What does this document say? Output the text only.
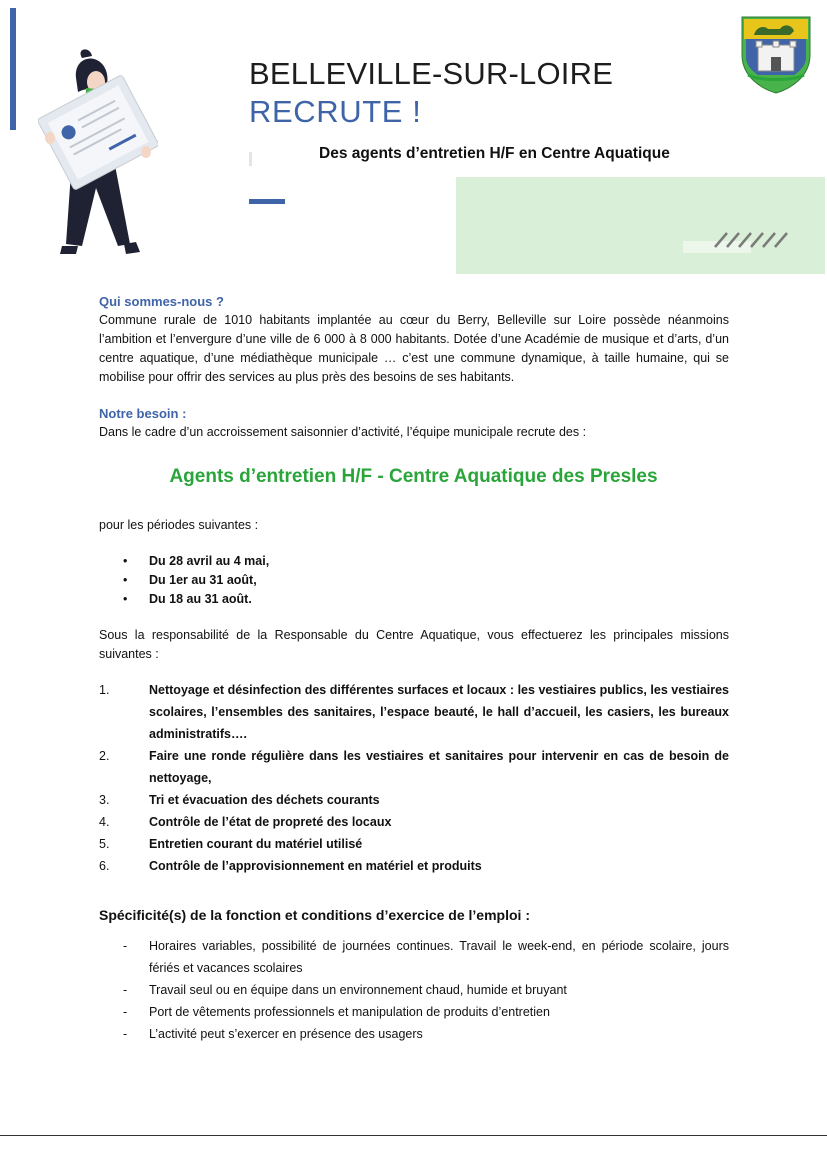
BELLEVILLE-SUR-LOIRE
RECRUTE !
Des agents d’entretien H/F en Centre Aquatique
Qui sommes-nous ?

Commune rurale de 1010 habitants implantée au cœur du Berry, Belleville sur Loire possède néanmoins l’ambition et l’envergure d’une ville de 6 000 à 8 000 habitants. Dotée d’une Académie de musique et d’arts, d’un centre aquatique, d’une médiathèque municipale … c’est une commune dynamique, à taille humaine, qui se mobilise pour offrir des services au plus près des besoins de ses habitants.

Notre besoin :

Dans le cadre d’un accroissement saisonnier d’activité, l’équipe municipale recrute des :

Agents d’entretien H/F - Centre Aquatique des Presles

pour les périodes suivantes :

• Du 28 avril au 4 mai,
• Du 1er au 31 août,
• Du 18 au 31 août.

Sous la responsabilité de la Responsable du Centre Aquatique, vous effectuerez les principales missions suivantes :

1.	Nettoyage et désinfection des différentes surfaces et locaux : les vestiaires publics, les vestiaires scolaires, l’ensembles des sanitaires, l’espace beauté, le hall d’accueil, les casiers, les bureaux administratifs….
2.	Faire une ronde régulière dans les vestiaires et sanitaires pour intervenir en cas de besoin de nettoyage,
3.	Tri et évacuation des déchets courants
4.	Contrôle de l’état de propreté des locaux
5.	Entretien courant du matériel utilisé
6.	Contrôle de l’approvisionnement en matériel et produits
Spécificité(s) de la fonction et conditions d’exercice de l’emploi :
- Horaires variables, possibilité de journées continues. Travail le week-end, en période scolaire, jours fériés et vacances scolaires
- Travail seul ou en équipe dans un environnement chaud, humide et bruyant
- Port de vêtements professionnels et manipulation de produits d’entretien
- L’activité peut s’exercer en présence des usagers
